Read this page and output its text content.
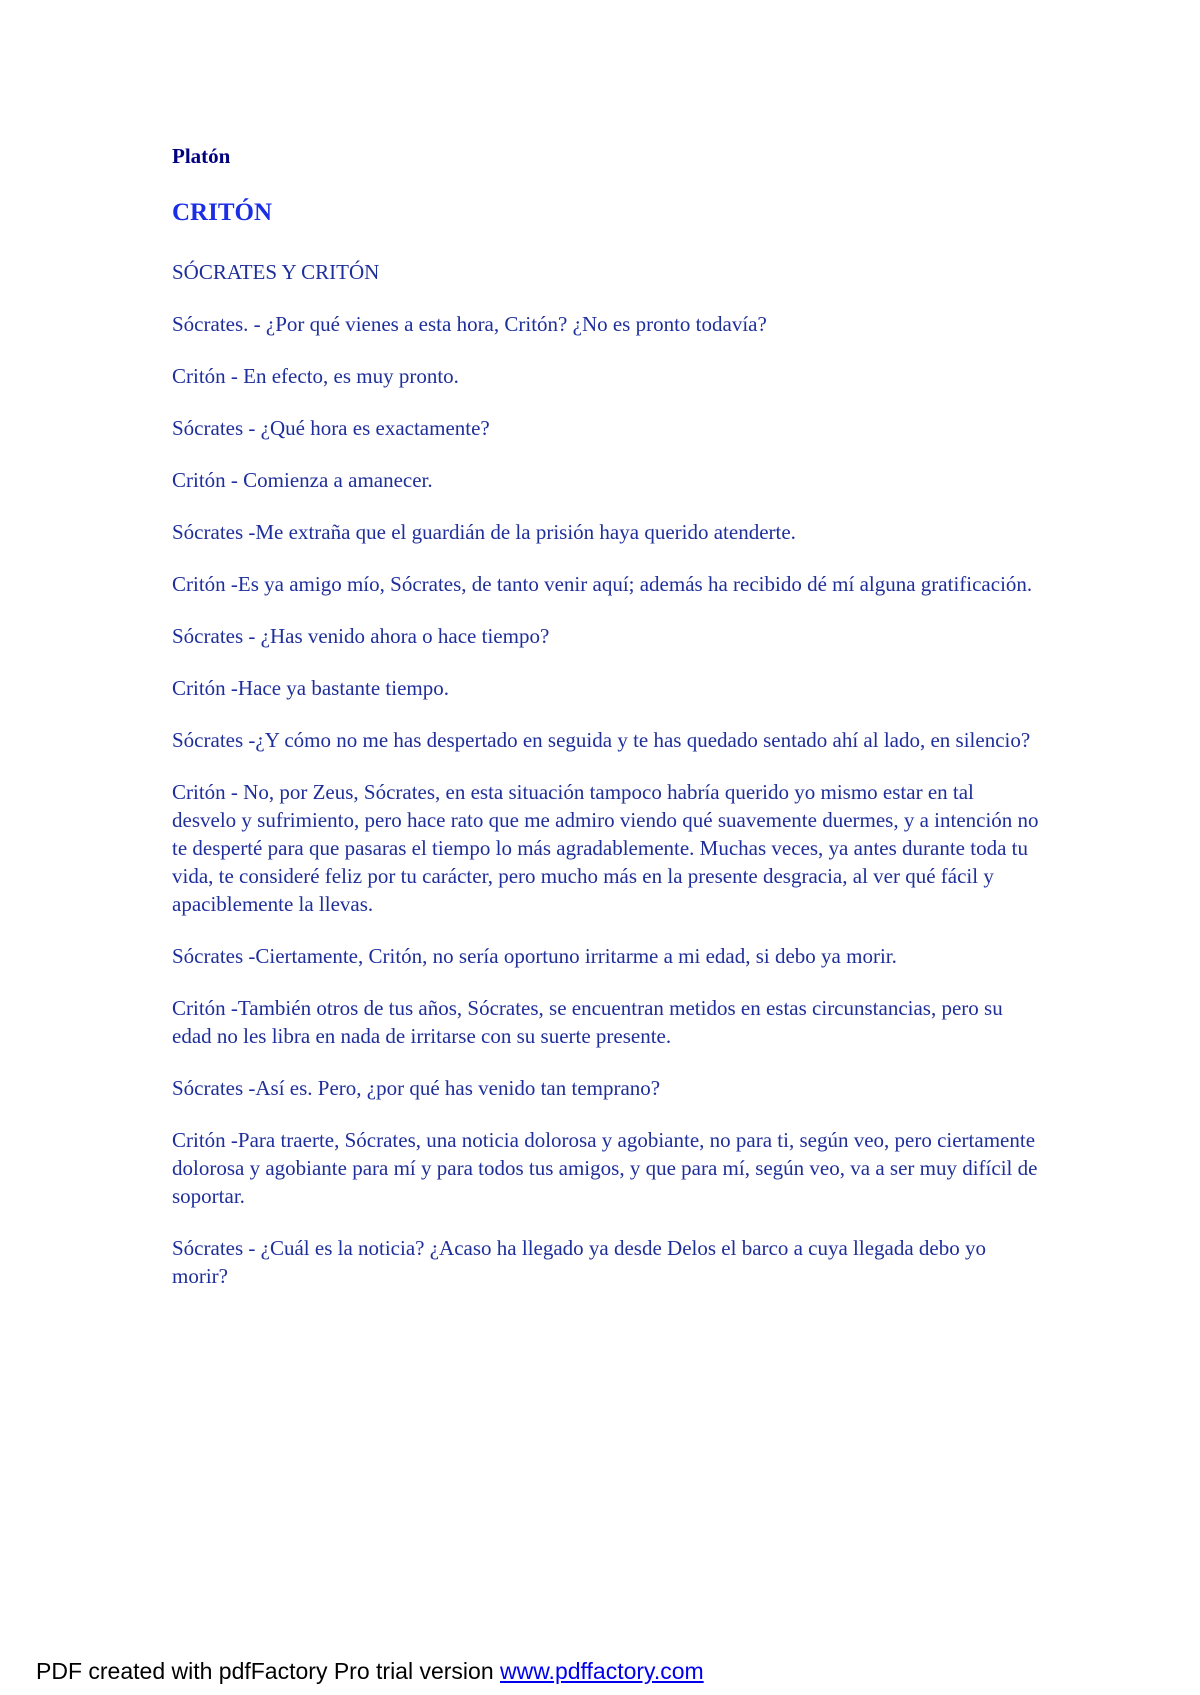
Platón
CRITÓN
SÓCRATES Y CRITÓN
Sócrates. - ¿Por qué vienes a esta hora, Critón? ¿No es pronto todavía?
Critón - En efecto, es muy pronto.
Sócrates - ¿Qué hora es exactamente?
Critón - Comienza a amanecer.
Sócrates -Me extraña que el guardián de la prisión haya querido atenderte.
Critón -Es ya amigo mío, Sócrates, de tanto venir aquí; además ha recibido dé mí alguna gratificación.
Sócrates - ¿Has venido ahora o hace tiempo?
Critón -Hace ya bastante tiempo.
Sócrates -¿Y cómo no me has despertado en seguida y te has quedado sentado ahí al lado, en silencio?
Critón - No, por Zeus, Sócrates, en esta situación tampoco habría querido yo mismo estar en tal desvelo y sufrimiento, pero hace rato que me admiro viendo qué suavemente duermes, y a intención no te desperté para que pasaras el tiempo lo más agradablemente. Muchas veces, ya antes durante toda tu vida, te consideré feliz por tu carácter, pero mucho más en la presente desgracia, al ver qué fácil y apaciblemente la llevas.
Sócrates -Ciertamente, Critón, no sería oportuno irritarme a mi edad, si debo ya morir.
Critón -También otros de tus años, Sócrates, se encuentran metidos en estas circunstancias, pero su edad no les libra en nada de irritarse con su suerte presente.
Sócrates -Así es. Pero, ¿por qué has venido tan temprano?
Critón -Para traerte, Sócrates, una noticia dolorosa y agobiante, no para ti, según veo, pero ciertamente dolorosa y agobiante para mí y para todos tus amigos, y que para mí, según veo, va a ser muy difícil de soportar.
Sócrates - ¿Cuál es la noticia? ¿Acaso ha llegado ya desde Delos el barco a cuya llegada debo yo morir?
PDF created with pdfFactory Pro trial version www.pdffactory.com
